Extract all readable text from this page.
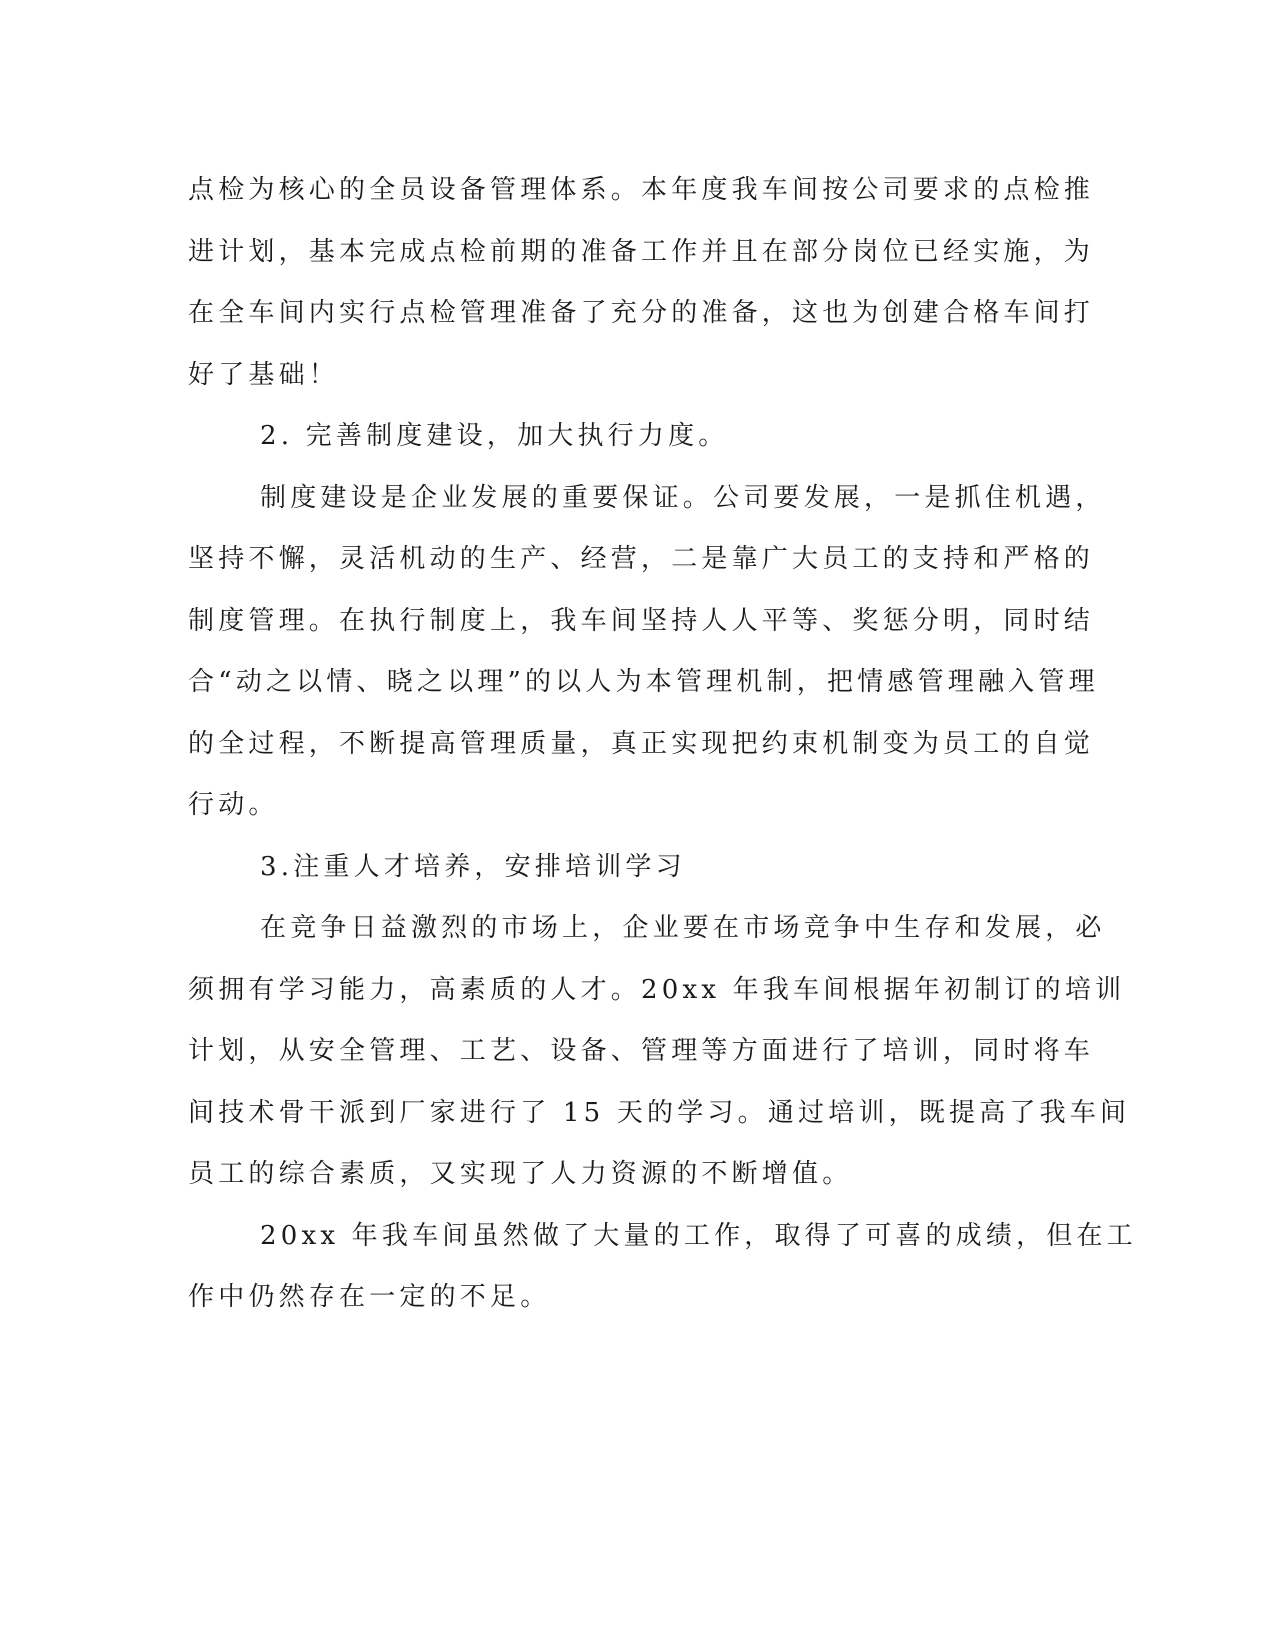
点检为核心的全员设备管理体系。本年度我车间按公司要求的点检推
进计划，基本完成点检前期的准备工作并且在部分岗位已经实施，为
在全车间内实行点检管理准备了充分的准备，这也为创建合格车间打
好了基础！

2. 完善制度建设，加大执行力度。

制度建设是企业发展的重要保证。公司要发展，一是抓住机遇，
坚持不懈，灵活机动的生产、经营，二是靠广大员工的支持和严格的
制度管理。在执行制度上，我车间坚持人人平等、奖惩分明，同时结
合“动之以情、晓之以理”的以人为本管理机制，把情感管理融入管理
的全过程，不断提高管理质量，真正实现把约束机制变为员工的自觉
行动。

3.注重人才培养，安排培训学习

在竞争日益激烈的市场上，企业要在市场竞争中生存和发展，必
须拥有学习能力，高素质的人才。20xx 年我车间根据年初制订的培训
计划，从安全管理、工艺、设备、管理等方面进行了培训，同时将车
间技术骨干派到厂家进行了 15 天的学习。通过培训，既提高了我车间
员工的综合素质，又实现了人力资源的不断增值。

20xx 年我车间虽然做了大量的工作，取得了可喜的成绩，但在工
作中仍然存在一定的不足。
